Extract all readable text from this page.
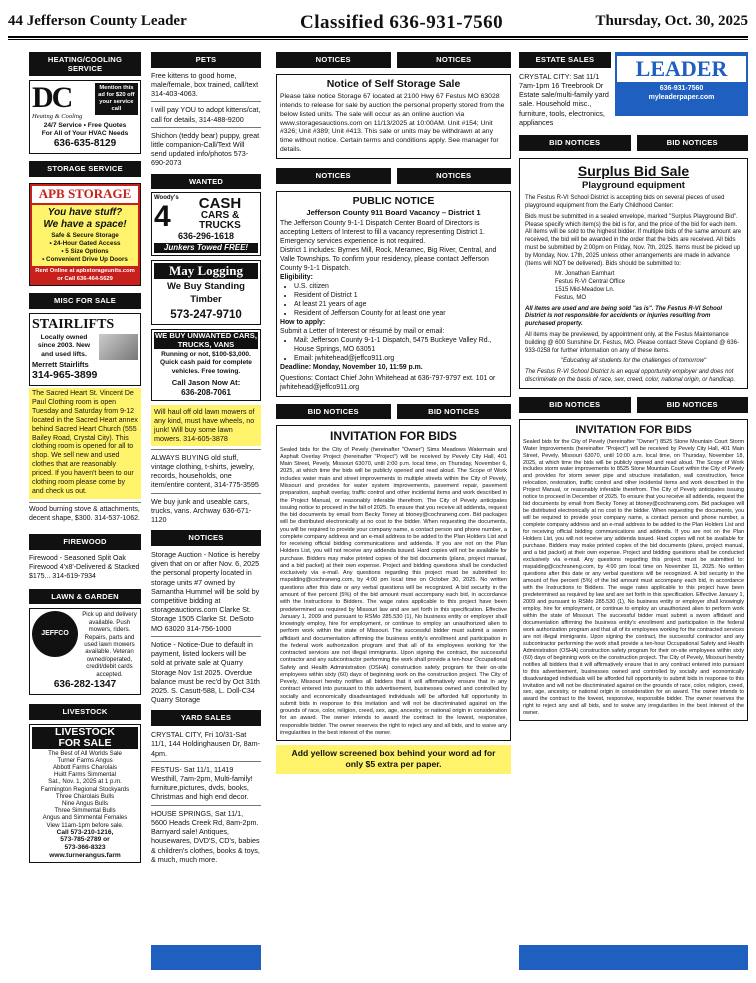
44 Jefferson County Leader	Classified 636-931-7560	Thursday, Oct. 30, 2025
HEATING/COOLING SERVICE
DC
Heating & Cooling
Mention this ad for $20 off your service call
24/7 Service • Free Quotes
For All of Your HVAC Needs
636-635-8129
STORAGE SERVICE
APB STORAGE
You have stuff?
We have a space!
Safe & Secure Storage
• 24-Hour Gated Access
• 5 Size Options
• Convenient Drive Up Doors
Rent Online at apbstorageunits.com or Call 636-464-5629
MISC FOR SALE
STAIRLIFTS
Locally owned since 2003. New and used lifts.
Merrett Stairlifts
314-965-3899
The Sacred Heart St. Vincent De Paul Clothing room is open Tuesday and Saturday from 9-12 located in the Sacred Heart annex behind Sacred Heart Church (555 Bailey Road, Crystal City). This clothing room is opened for all to shop. We sell new and used clothes that are reasonably priced. If you haven't been to our clothing room please come by and check us out.
Wood burning stove & attachments, decent shape, $300. 314-537-1062.
FIREWOOD
Firewood - Seasoned Split Oak Firewood 4'x8'-Delivered & Stacked $175... 314-619-7934
LAWN & GARDEN
JEFFCO
Pick up and delivery available. Push mowers, riders. Repairs, parts and used lawn mowers available. Veteran owned/operated, credit/debit cards accepted.
636-282-1347
LIVESTOCK
LIVESTOCK
FOR SALE
The Best of All Worlds Sale
Turner Farms Angus
Abbott Farms Charolais
Huitt Farms Simmental
Sat., Nov. 1, 2025 at 1 p.m.
Farmington Regional Stockyards
Three Charolais Bulls
Nine Angus Bulls
Three Simmental Bulls
Angus and Simmental Females
View 11am-1pm before sale.
Call 573-210-1216,
573-785-2789 or
573-366-8323
www.turnerangus.farm
PETS
Free kittens to good home, male/female, box trained, call/text 314-403-4063.
I will pay YOU to adopt kittens/cat, call for details, 314-488-9200
Shichon (teddy bear) puppy, great little companion-Call/Text Will send updated info/photos 573-690-2073
WANTED
Woody's
4	CASH
CARS &
TRUCKS
636-296-1618
Junkers Towed FREE!
May Logging
We Buy Standing Timber
573-247-9710
WE BUY UNWANTED CARS, TRUCKS, VANS
Running or not, $100-$3,000. Quick cash paid for complete vehicles. Free towing.
Call Jason Now At:
636-208-7061
Will haul off old lawn mowers of any kind, must have wheels, no junk! Will buy some lawn mowers. 314-605-3878
ALWAYS BUYING old stuff, vintage clothing, t-shirts, jewelry, records, households, one item/entire content, 314-775-3595
We buy junk and useable cars, trucks, vans. Archway 636-671-1120
NOTICES
Storage Auction - Notice is hereby given that on or after Nov. 6, 2025 the personal property located in storage units #7 owned by Samantha Hummel will be sold by competitive bidding at storageauctions.com Clarke St. Storage 1505 Clarke St. DeSoto MO 63020 314-756-1000
Notice - Notice-Due to default in payment, listed lockers will be sold at private sale at Quarry Storage Nov 1st 2025. Overdue balance must be rec'd by Oct 31th 2025. S. Casutt-588, L. Doll-C34 Quarry Storage
YARD SALES
CRYSTAL CITY, Fri 10/31-Sat 11/1, 144 Holdinghausen Dr, 8am-4pm.
FESTUS- Sat 11/1, 11419 Westhill, 7am-2pm, Multi-family! furniture,pictures, dvds, books, Christmas and high end decor.
HOUSE SPRINGS, Sat 11/1, 5600 Heads Creek Rd, 8am-2pm. Barnyard sale! Antiques, housewares, DVD'S, CD's, babies & children's clothes, books & toys, & much, much more.
NOTICES	NOTICES
Notice of Self Storage Sale
Please take notice Storage 67 located at 2100 Hwy 67 Festus MO 63028 intends to release for sale by auction the personal property stored from the below listed units. The sale will occur as an online auction via www.storagesauctions.com on 11/13/2025 at 10:00AM. Unit #154; Unit #326; Unit #389; Unit #413. This sale or units may be withdrawn at any time without notice. Certain terms and conditions apply. See manager for details.
NOTICES	NOTICES
PUBLIC NOTICE
Jefferson County 911 Board Vacancy – District 1
The Jefferson County 9-1-1 Dispatch Center Board of Directors is accepting Letters of Interest to fill a vacancy representing District 1. Emergency services experience is not required.
District 1 includes: Byrnes Mill, Rock, Meramec, Big River, Central, and Valle Townships. To confirm your residency, please contact Jefferson County 9-1-1 Dispatch.
Eligibility:
• U.S. citizen
• Resident of District 1
• At least 21 years of age
• Resident of Jefferson County for at least one year
How to apply:
Submit a Letter of Interest or résumé by mail or email:
• Mail: Jefferson County 9-1-1 Dispatch, 5475 Buckeye Valley Rd., House Springs, MO 63051
• Email: jwhitehead@jeffco911.org
Deadline: Monday, November 10, 11:59 p.m.
Questions: Contact Chief John Whitehead at 636-797-9797 ext. 101 or jwhitehead@jeffco911.org
BID NOTICES	BID NOTICES
INVITATION FOR BIDS
Sealed bids for the City of Pevely (hereinafter "Owner") Sims Meadows Watermain and Asphalt Overlay Project (hereinafter "Project") will be received by Pevely City Hall, 401 Main Street, Pevely, Missouri 63070, until 2:00 p.m. local time, on Thursday, November 6, 2025, at which time the bids will be publicly opened and read aloud. The Scope of Work includes water main and street improvements to multiple streets within the City of Pevely, Missouri and provides for water system improvements, pavement repair, pavement preparation, asphalt overlay, traffic control and other incidental items and work described in the Project Manual, or reasonably inferable therefrom. The City of Pevely anticipates issuing notice to proceed in the fall of 2025. To ensure that you receive all addenda, request the bid documents by email from Becky Toney at btoney@cochraneng.com. Bid packages will be distributed electronically at no cost to the bidder. When requesting the documents, you will be required to provide your company name, a contact person and phone number, a complete company address and an e-mail address to be added to the Plan Holders List and for receiving official bidding communications and addenda. If you are not on the Plan Holders List, you will not receive any addenda issued. Hard copies will not be available for purchase. Bidders may make printed copies of the bid documents (plans, project manual, and a bid packet) at their own expense. Project and bidding questions shall be conducted exclusively via e-mail. Any questions regarding this project must be submitted to: mspalding@cochraneng.com, by 4:00 pm local time on October 30, 2025. No written questions after this date or any verbal questions will be recognized. A bid security in the amount of five percent (5%) of the bid amount must accompany each bid, in accordance with the Instructions to Bidders. The wage rates applicable to this project have been predetermined as required by Missouri law and are set forth in this specification. Effective January 1, 2009 and pursuant to RSMo 285.530 (1), No business entity or employer shall knowingly employ, hire for employment, or continue to employ an unauthorized alien to perform work within the state of Missouri. The successful bidder must submit a sworn affidavit and documentation affirming the business entity's enrollment and participation in the federal work authorization program and that all of its employees working for the contracted services are not illegal immigrants. Upon signing the contract, the successful contractor and any subcontractor performing the work shall provide a ten-hour Occupational Safety and Health Administration (OSHA) construction safety program for their on-site employees within sixty (60) days of beginning work on the construction project. The City of Pevely, Missouri hereby notifies all bidders that it will affirmatively ensure that in any contract entered into pursuant to this advertisement, businesses owned and controlled by socially and economically disadvantaged individuals will be afforded full opportunity to submit bids in response to this invitation and will not be discriminated against on the grounds of race, color, religion, creed, sex, age, ancestry, or national origin in consideration for an award. The owner intends to award the contract to the lowest, responsive, responsible bidder. The owner reserves the right to reject any and all bids, and to waive any irregularities in the best interest of the owner.
Add yellow screened box behind your word ad for only $5 extra per paper.
ESTATE SALES
CRYSTAL CITY: Sat 11/1 7am-1pm 16 Treebrook Dr Estate sale/multi-family yard sale. Household misc., furniture, tools, electronics, appliances
LEADER
636-931-7560
myleaderpaper.com
BID NOTICES	BID NOTICES
Surplus Bid Sale
Playground equipment
The Festus R-VI School District is accepting bids on several pieces of used playground equipment from the Early Childhood Center:
Bids must be submitted in a sealed envelope, marked "Surplus Playground Bid". Please specify which item(s) the bid is for, and the price of the bid for each item. All items will be sold to the highest bidder. If multiple bids of the same amount are received, the bid will be awarded in the order that the bids are received. All bids must be submitted by 2:00pm on Friday, Nov. 7th, 2025. Items must be picked up by Monday, Nov. 17th, 2025 unless other arrangements are made in advance (Items will NOT be delivered). Bids should be submitted to:
Mr. Jonathan Earnhart
Festus R-VI Central Office
1515 Mid-Meadow Ln.
Festus, MO
All items are used and are being sold "as is". The Festus R-VI School District is not responsible for accidents or injuries resulting from purchased property.
All items may be previewed, by appointment only, at the Festus Maintenance building @ 600 Sunshine Dr. Festus, MO. Please contact Steve Copland @ 636-933-0258 for further information on any of these items.
"Educating all students for the challenges of tomorrow"
The Festus R-VI School District is an equal opportunity employer and does not discriminate on the basis of race, sex, creed, color, national origin, or handicap.
BID NOTICES	BID NOTICES
INVITATION FOR BIDS
Sealed bids for the City of Pevely (hereinafter "Owner") 8525 Stone Mountain Court Storm Water Improvements (hereinafter "Project") will be received by Pevely City Hall, 401 Main Street, Pevely, Missouri 63070, until 10:00 a.m. local time, on Thursday, November 18, 2025, at which time the bids will be publicly opened and read aloud. The Scope of Work includes storm water improvements to 8525 Stone Mountain Court within the City of Pevely and provides for storm sewer pipe and structure installation, wall construction, fence relocation, restoration, traffic control and other incidental items and work described in the Project Manual, or reasonably inferable therefrom. The City of Pevely anticipates issuing notice to proceed in December of 2025. To ensure that you receive all addenda, request the bid documents by email from Becky Toney at btoney@cochraneng.com. Bid packages will be distributed electronically at no cost to the bidder. When requesting the documents, you will be required to provide your company name, a contact person and phone number, a complete company address and an e-mail address to be added to the Plan Holders List and for receiving official bidding communications and addenda. If you are not on the Plan Holders List, you will not receive any addenda issued. Hard copies will not be available for purchase. Bidders may make printed copies of the bid documents (plans, project manual, and a bid packet) at their own expense. Project and bidding questions shall be conducted exclusively via e-mail. Any questions regarding this project must be submitted to: mspalding@cochraneng.com, by 4:00 pm local time on November 11, 2025. No written questions after this date or any verbal questions will be recognized. A bid security in the amount of five percent (5%) of the bid amount must accompany each bid, in accordance with the Instructions to Bidders. The wage rates applicable to this project have been predetermined as required by law and are set forth in this specification. Effective January 1, 2009 and pursuant to RSMo 285.530 (1), No business entity or employer shall knowingly employ, hire for employment, or continue to employ an unauthorized alien to perform work within the state of Missouri. The successful bidder must submit a sworn affidavit and documentation affirming the business entity's enrollment and participation in the federal work authorization program and that all of its employees working for the contracted services are not illegal immigrants. Upon signing the contract, the successful contractor and any subcontractor performing the work shall provide a ten-hour Occupational Safety and Health Administration (OSHA) construction safety program for their on-site employees within sixty (60) days of beginning work on the construction project. The City of Pevely, Missouri hereby notifies all bidders that it will affirmatively ensure that in any contract entered into pursuant to this advertisement, businesses owned and controlled by socially and economically disadvantaged individuals will be afforded full opportunity to submit bids in response to this invitation and will not be discriminated against on the grounds of race, color, religion, creed, sex, age, ancestry, or national origin in consideration for an award. The owner intends to award the contract to the lowest, responsive, responsible bidder. The owner reserves the right to reject any and all bids, and to waive any irregularities in the best interest of the owner.
